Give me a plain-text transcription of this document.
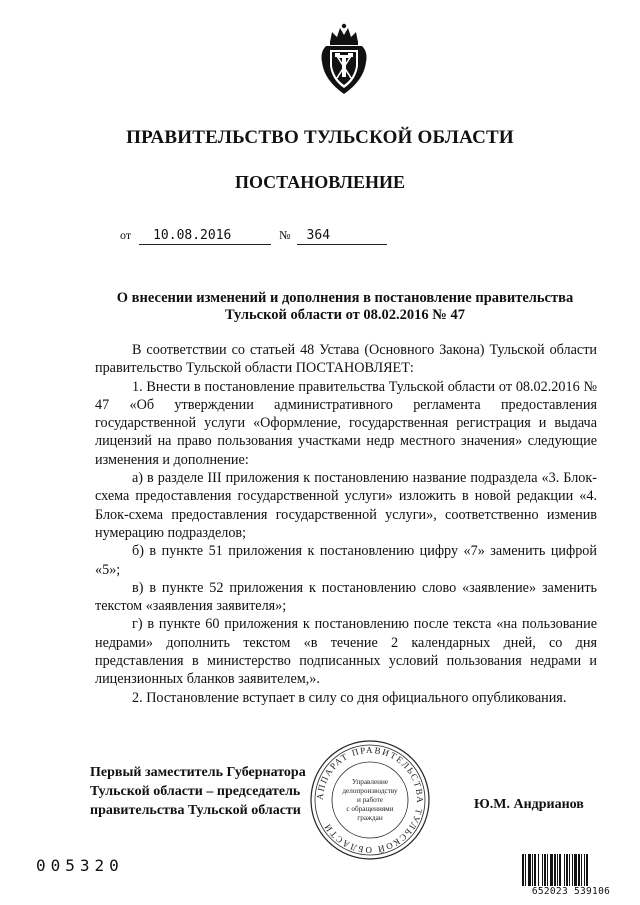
ПРАВИТЕЛЬСТВО ТУЛЬСКОЙ ОБЛАСТИ
ПОСТАНОВЛЕНИЕ
от 10.08.2016	№ 364
О внесении изменений и дополнения в постановление правительства
Тульской области от 08.02.2016 № 47

В соответствии со статьей 48 Устава (Основного Закона) Тульской области правительство Тульской области ПОСТАНОВЛЯЕТ:

1. Внести в постановление правительства Тульской области от 08.02.2016 № 47 «Об утверждении административного регламента предоставления государственной услуги «Оформление, государственная регистрация и выдача лицензий на право пользования участками недр местного значения» следующие изменения и дополнение:

а) в разделе III приложения к постановлению название подраздела «3. Блок-схема предоставления государственной услуги» изложить в новой редакции «4. Блок-схема предоставления государственной услуги», соответственно изменив нумерацию подразделов;

б) в пункте 51 приложения к постановлению цифру «7» заменить цифрой «5»;

в) в пункте 52 приложения к постановлению слово «заявление» заменить текстом «заявления заявителя»;

г) в пункте 60 приложения к постановлению после текста «на пользование недрами» дополнить текстом «в течение 2 календарных дней, со дня представления в министерство подписанных условий пользования недрами и лицензионных бланков заявителем,».

2. Постановление вступает в силу со дня официального опубликования.

Первый заместитель Губернатора
Тульской области – председатель
правительства Тульской области	Ю.М. Андрианов
АППАРАТ ПРАВИТЕЛЬСТВА ТУЛЬСКОЙ ОБЛАСТИ
Управление
делопроизводству
и работе
с обращениями
граждан
005320
652023 539106
